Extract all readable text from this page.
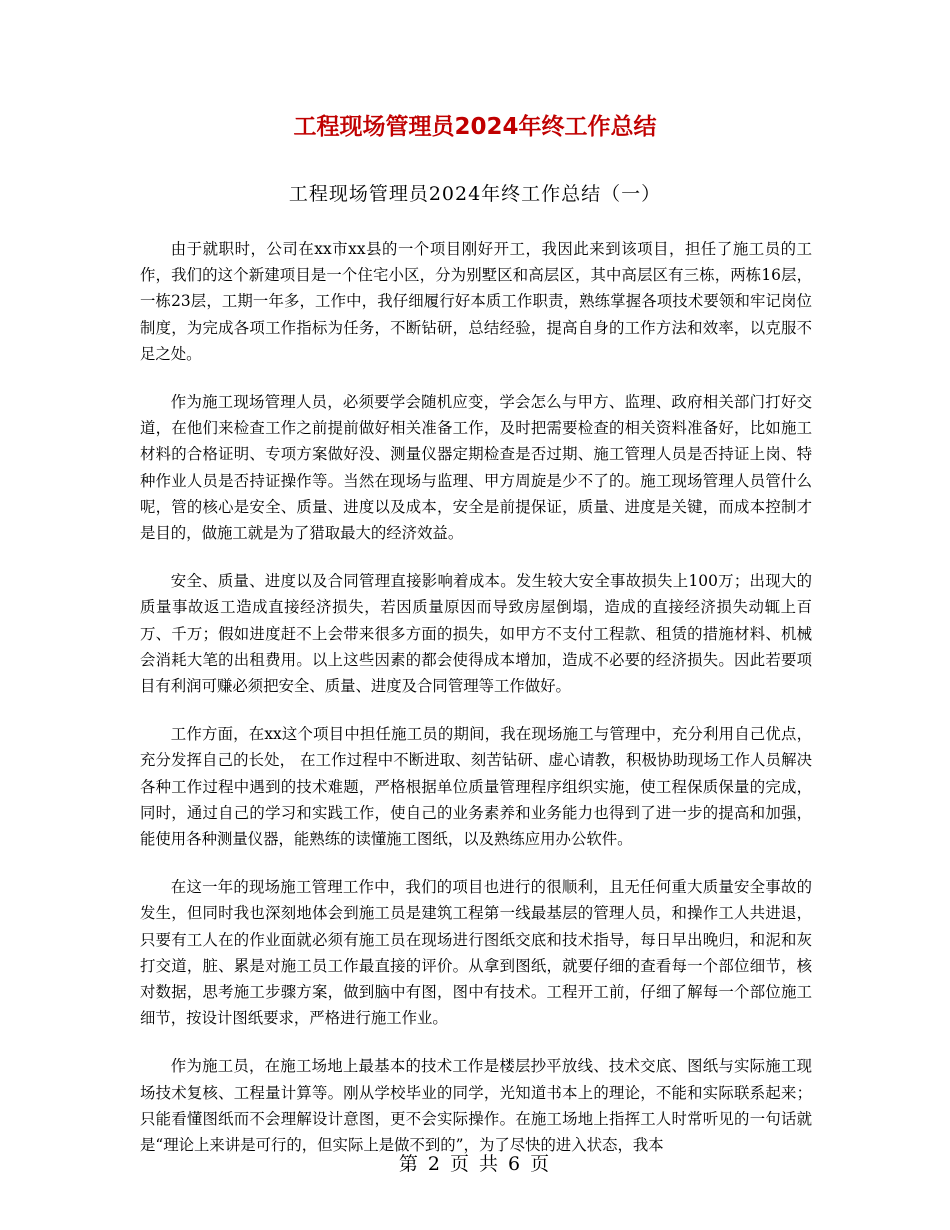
工程现场管理员2024年终工作总结
工程现场管理员2024年终工作总结（一）

由于就职时，公司在xx市xx县的一个项目刚好开工，我因此来到该项目，担任了施工员的工作，我们的这个新建项目是一个住宅小区，分为别墅区和高层区，其中高层区有三栋，两栋16层，一栋23层，工期一年多，工作中，我仔细履行好本质工作职责，熟练掌握各项技术要领和牢记岗位制度，为完成各项工作指标为任务，不断钻研，总结经验，提高自身的工作方法和效率，以克服不足之处。

作为施工现场管理人员，必须要学会随机应变，学会怎么与甲方、监理、政府相关部门打好交道，在他们来检查工作之前提前做好相关准备工作，及时把需要检查的相关资料准备好，比如施工材料的合格证明、专项方案做好没、测量仪器定期检查是否过期、施工管理人员是否持证上岗、特种作业人员是否持证操作等。当然在现场与监理、甲方周旋是少不了的。施工现场管理人员管什么呢，管的核心是安全、质量、进度以及成本，安全是前提保证，质量、进度是关键，而成本控制才是目的，做施工就是为了猎取最大的经济效益。

安全、质量、进度以及合同管理直接影响着成本。发生较大安全事故损失上100万；出现大的质量事故返工造成直接经济损失，若因质量原因而导致房屋倒塌，造成的直接经济损失动辄上百万、千万；假如进度赶不上会带来很多方面的损失，如甲方不支付工程款、租赁的措施材料、机械会消耗大笔的出租费用。以上这些因素的都会使得成本增加，造成不必要的经济损失。因此若要项目有利润可赚必须把安全、质量、进度及合同管理等工作做好。

工作方面，在xx这个项目中担任施工员的期间，我在现场施工与管理中，充分利用自己优点，充分发挥自己的长处， 在工作过程中不断进取、刻苦钻研、虚心请教，积极协助现场工作人员解决各种工作过程中遇到的技术难题，严格根据单位质量管理程序组织实施，使工程保质保量的完成，同时，通过自己的学习和实践工作，使自己的业务素养和业务能力也得到了进一步的提高和加强，能使用各种测量仪器，能熟练的读懂施工图纸，以及熟练应用办公软件。

在这一年的现场施工管理工作中，我们的项目也进行的很顺利，且无任何重大质量安全事故的发生，但同时我也深刻地体会到施工员是建筑工程第一线最基层的管理人员，和操作工人共进退，只要有工人在的作业面就必须有施工员在现场进行图纸交底和技术指导，每日早出晚归，和泥和灰打交道，脏、累是对施工员工作最直接的评价。从拿到图纸，就要仔细的查看每一个部位细节，核对数据，思考施工步骤方案，做到脑中有图，图中有技术。工程开工前，仔细了解每一个部位施工细节，按设计图纸要求，严格进行施工作业。

作为施工员，在施工场地上最基本的技术工作是楼层抄平放线、技术交底、图纸与实际施工现场技术复核、工程量计算等。刚从学校毕业的同学，光知道书本上的理论，不能和实际联系起来；只能看懂图纸而不会理解设计意图，更不会实际操作。在施工场地上指挥工人时常听见的一句话就是“理论上来讲是可行的，但实际上是做不到的”，为了尽快的进入状态，我本

第 2 页 共 6 页
